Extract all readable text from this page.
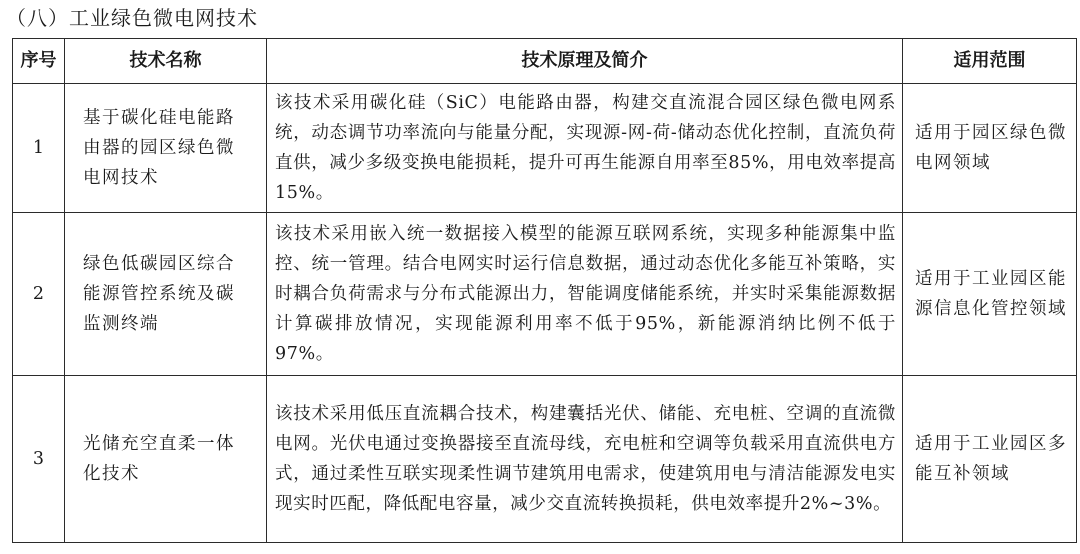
（八）工业绿色微电网技术
序号	技术名称	技术原理及简介	适用范围
1	基于碳化硅电能路由器的园区绿色微电网技术	该技术采用碳化硅（SiC）电能路由器，构建交直流混合园区绿色微电网系统，动态调节功率流向与能量分配，实现源-网-荷-储动态优化控制，直流负荷直供，减少多级变换电能损耗，提升可再生能源自用率至85%，用电效率提高15%。	适用于园区绿色微电网领域
2	绿色低碳园区综合能源管控系统及碳监测终端	该技术采用嵌入统一数据接入模型的能源互联网系统，实现多种能源集中监控、统一管理。结合电网实时运行信息数据，通过动态优化多能互补策略，实时耦合负荷需求与分布式能源出力，智能调度储能系统，并实时采集能源数据计算碳排放情况，实现能源利用率不低于95%，新能源消纳比例不低于97%。	适用于工业园区能源信息化管控领域
3	光储充空直柔一体化技术	该技术采用低压直流耦合技术，构建囊括光伏、储能、充电桩、空调的直流微电网。光伏电通过变换器接至直流母线，充电桩和空调等负载采用直流供电方式，通过柔性互联实现柔性调节建筑用电需求，使建筑用电与清洁能源发电实现实时匹配，降低配电容量，减少交直流转换损耗，供电效率提升2%~3%。	适用于工业园区多能互补领域
